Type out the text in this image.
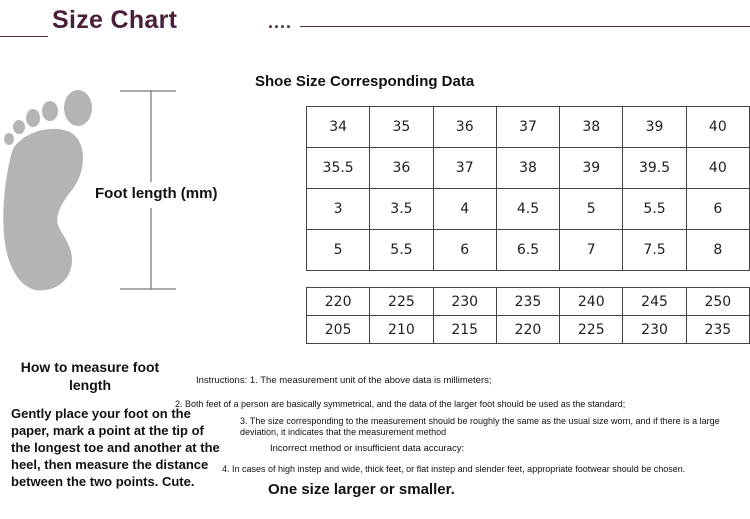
Size Chart	....
Shoe Size Corresponding Data
34	35	36	37	38	39	40
35.5	36	37	38	39	39.5	40
3	3.5	4	4.5	5	5.5	6
5	5.5	6	6.5	7	7.5	8
220	225	230	235	240	245	250
205	210	215	220	225	230	235
Foot length (mm)
How to measure foot length
Gently place your foot on the paper, mark a point at the tip of the longest toe and another at the heel, then measure the distance between the two points. Cute.
Instructions: 1. The measurement unit of the above data is millimeters;
2. Both feet of a person are basically symmetrical, and the data of the larger foot should be used as the standard;
3. The size corresponding to the measurement should be roughly the same as the usual size worn, and if there is a large deviation, it indicates that the measurement method
Incorrect method or insufficient data accuracy:
4. In cases of high instep and wide, thick feet, or flat instep and slender feet, appropriate footwear should be chosen.
One size larger or smaller.
